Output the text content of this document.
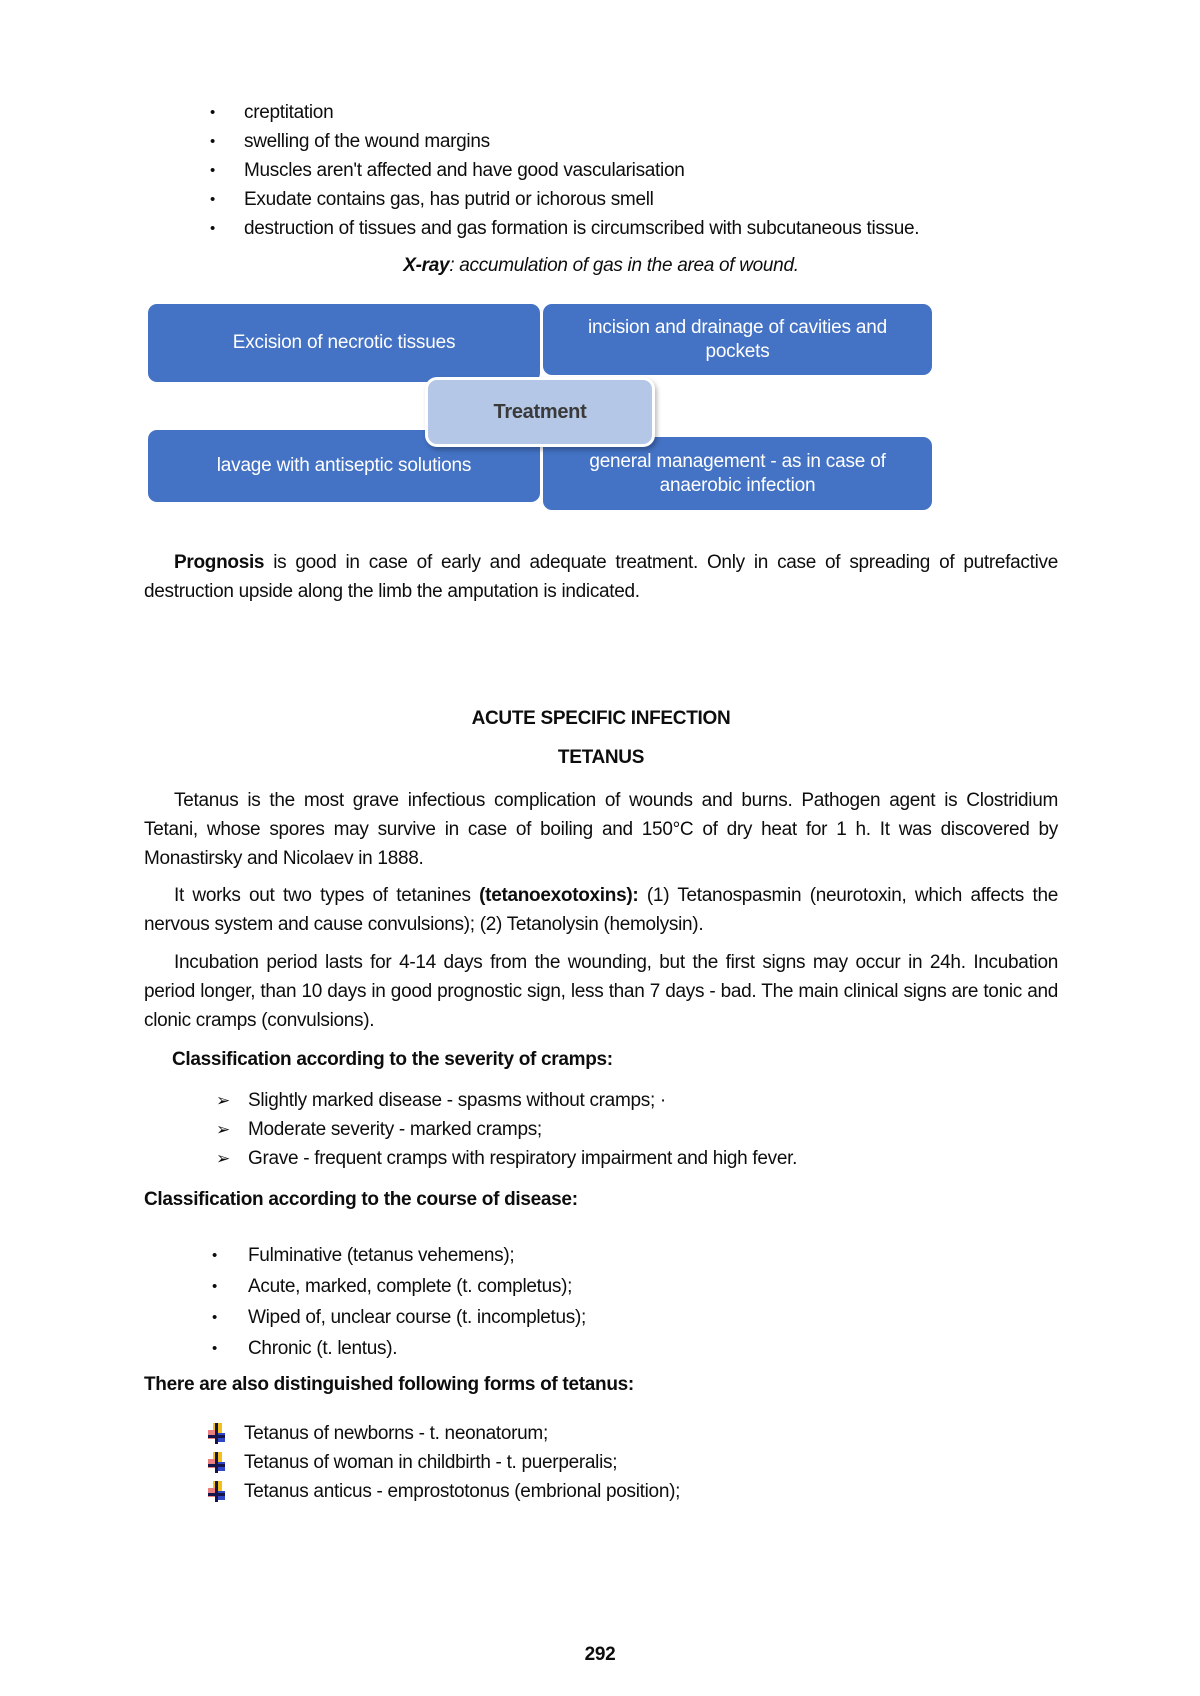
•	creptitation
•	swelling of the wound margins
•	Muscles aren't affected and have good vascularisation
•	Exudate contains gas, has putrid or ichorous smell
•	destruction of tissues and gas formation is circumscribed with subcutaneous tissue.
X-ray: accumulation of gas in the area of wound.
Excision of necrotic tissues
incision and drainage of cavities and pockets
lavage with antiseptic solutions	general management - as in case of anaerobic infection
Treatment

Prognosis is good in case of early and adequate treatment. Only in case of spreading of putrefactive destruction upside along the limb the amputation is indicated.

ACUTE SPECIFIC INFECTION
TETANUS

Tetanus is the most grave infectious complication of wounds and burns. Pathogen agent is Clostridium Tetani, whose spores may survive in case of boiling and 150°C of dry heat for 1 h. It was discovered by Monastirsky and Nicolaev in 1888.

It works out two types of tetanines (tetanoexotoxins): (1) Tetanospasmin (neurotoxin, which affects the nervous system and cause convulsions); (2) Tetanolysin (hemolysin).

Incubation period lasts for 4-14 days from the wounding, but the first signs may occur in 24h. Incubation period longer, than 10 days in good prognostic sign, less than 7 days - bad. The main clinical signs are tonic and clonic cramps (convulsions).

Classification according to the severity of cramps:
➢ Slightly marked disease - spasms without cramps; ·
➢ Moderate severity - marked cramps;
➢ Grave - frequent cramps with respiratory impairment and high fever.
Classification according to the course of disease:
•	Fulminative (tetanus vehemens);
•	Acute, marked, complete (t. completus);
•	Wiped of, unclear course (t. incompletus);
•	Chronic (t. lentus).
There are also distinguished following forms of tetanus:
Tetanus of newborns - t. neonatorum;
Tetanus of woman in childbirth - t. puerperalis;
Tetanus anticus - emprostotonus (embrional position);
292
